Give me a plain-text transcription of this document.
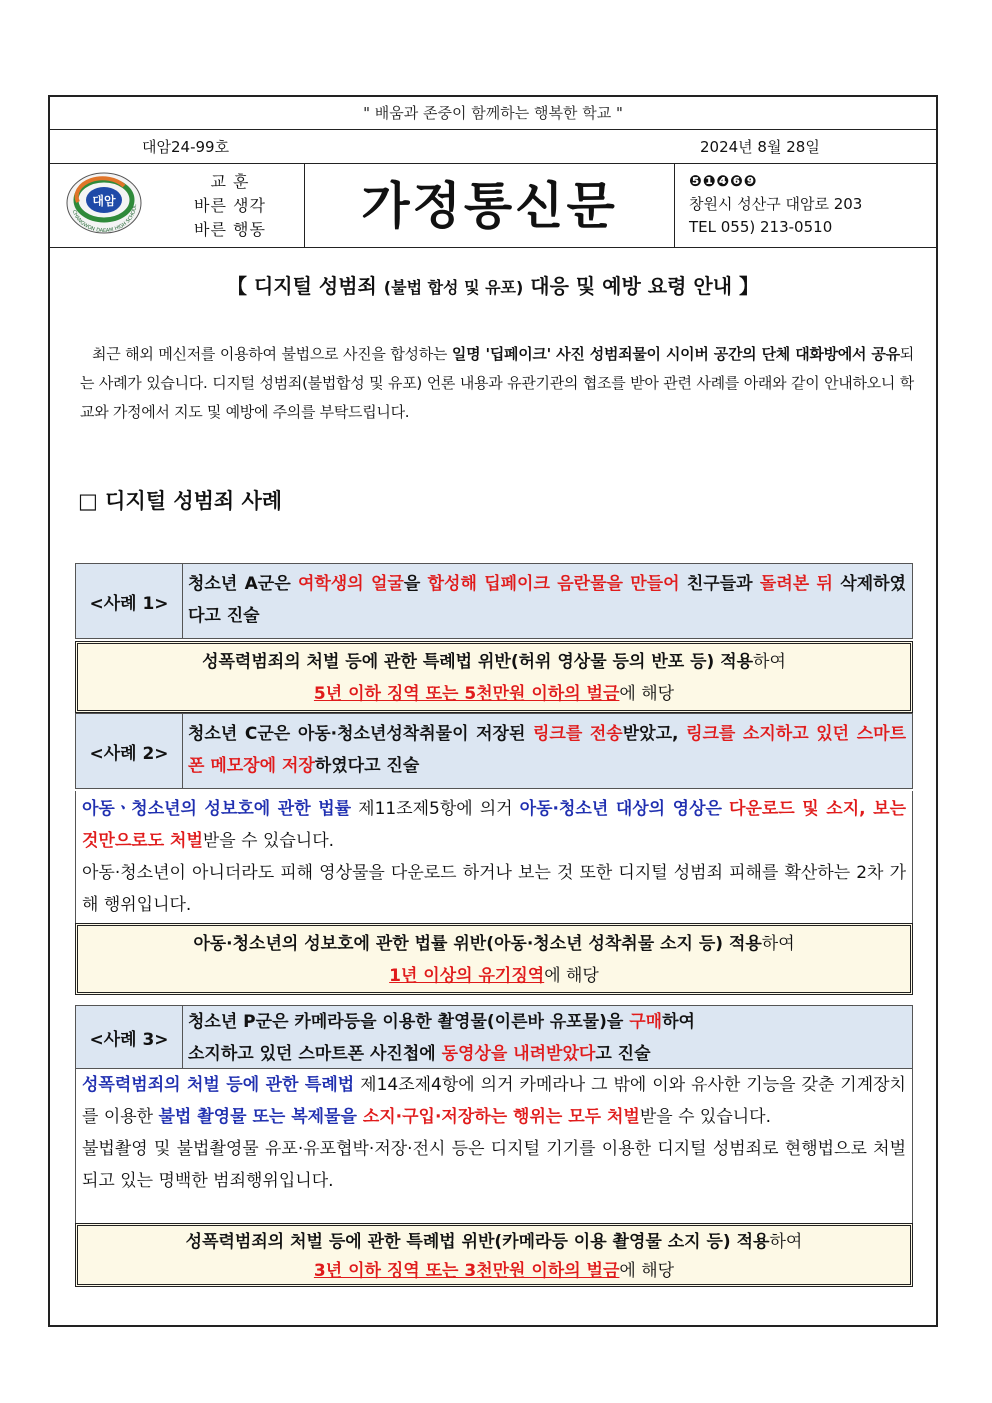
" 배움과 존중이 함께하는 행복한 학교 "
대암24-99호	2024년 8월 28일
대암
CHANGWON DAEAM HIGH SCHOOL
교 훈
바른 생각
바른 행동	가정통신문	❺❶❹❻❾
창원시 성산구 대암로 203
TEL 055) 213-0510
【 디지털 성범죄 (불법 합성 및 유포) 대응 및 예방 요령 안내 】
최근 해외 메신저를 이용하여 불법으로 사진을 합성하는 일명 '딥페이크' 사진 성범죄물이 시이버 공간의 단체 대화방에서 공유되는 사례가 있습니다. 디지털 성범죄(불법합성 및 유포) 언론 내용과 유관기관의 협조를 받아 관련 사례를 아래와 같이 안내하오니 학교와 가정에서 지도 및 예방에 주의를 부탁드립니다.
□ 디지털 성범죄 사례
<사례 1>
청소년 A군은 여학생의 얼굴을 합성해 딥페이크 음란물을 만들어 친구들과 돌려본 뒤 삭제하였다고 진술
성폭력범죄의 처벌 등에 관한 특례법 위반(허위 영상물 등의 반포 등) 적용하여
5년 이하 징역 또는 5천만원 이하의 벌금에 해당
<사례 2>
청소년 C군은 아동·청소년성착취물이 저장된 링크를 전송받았고, 링크를 소지하고 있던 스마트폰 메모장에 저장하였다고 진술
아동ㆍ청소년의 성보호에 관한 법률 제11조제5항에 의거 아동·청소년 대상의 영상은 다운로드 및 소지, 보는 것만으로도 처벌받을 수 있습니다.
아동·청소년이 아니더라도 피해 영상물을 다운로드 하거나 보는 것 또한 디지털 성범죄 피해를 확산하는 2차 가해 행위입니다.
아동·청소년의 성보호에 관한 법률 위반(아동·청소년 성착취물 소지 등) 적용하여
1년 이상의 유기징역에 해당
<사례 3>
청소년 P군은 카메라등을 이용한 촬영물(이른바 유포물)을 구매하여
소지하고 있던 스마트폰 사진첩에 동영상을 내려받았다고 진술
성폭력범죄의 처벌 등에 관한 특례법 제14조제4항에 의거 카메라나 그 밖에 이와 유사한 기능을 갖춘 기계장치를 이용한 불법 촬영물 또는 복제물을 소지·구입·저장하는 행위는 모두 처벌받을 수 있습니다.
불법촬영 및 불법촬영물 유포·유포협박·저장·전시 등은 디지털 기기를 이용한 디지털 성범죄로 현행법으로 처벌되고 있는 명백한 범죄행위입니다.
성폭력범죄의 처벌 등에 관한 특례법 위반(카메라등 이용 촬영물 소지 등) 적용하여
3년 이하 징역 또는 3천만원 이하의 벌금에 해당
